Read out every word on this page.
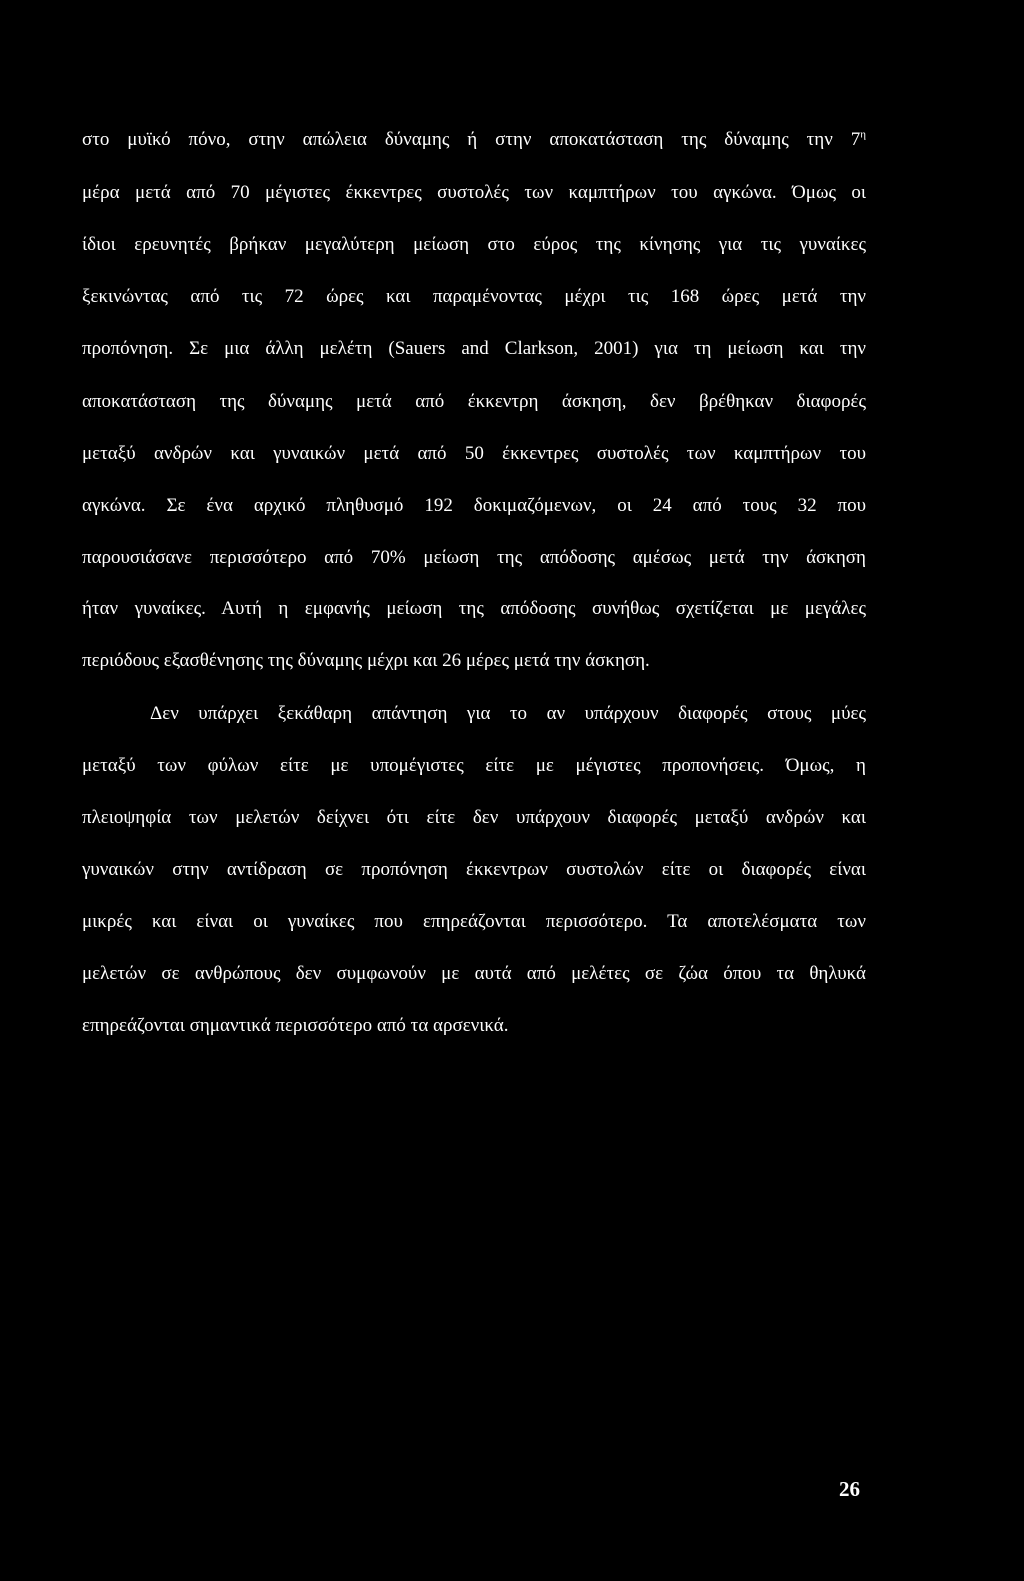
στο μυϊκό πόνο, στην απώλεια δύναμης ή στην αποκατάσταση της δύναμης την $7^\eta$
μέρα μετά από 70 μέγιστες έκκεντρες συστολές των καμπτήρων του αγκώνα. Όμως οι
ίδιοι ερευνητές βρήκαν μεγαλύτερη μείωση στο εύρος της κίνησης για τις γυναίκες
ξεκινώντας από τις 72 ώρες και παραμένοντας μέχρι τις 168 ώρες μετά την
προπόνηση. Σε μια άλλη μελέτη (Sauers and Clarkson, 2001) για τη μείωση και την
αποκατάσταση της δύναμης μετά από έκκεντρη άσκηση, δεν βρέθηκαν διαφορές
μεταξύ ανδρών και γυναικών μετά από 50 έκκεντρες συστολές των καμπτήρων του
αγκώνα. Σε ένα αρχικό πληθυσμό 192 δοκιμαζόμενων, οι 24 από τους 32 που
παρουσιάσανε περισσότερο από 70% μείωση της απόδοσης αμέσως μετά την άσκηση
ήταν γυναίκες. Αυτή η εμφανής μείωση της απόδοσης συνήθως σχετίζεται με μεγάλες
περιόδους εξασθένησης της δύναμης μέχρι και 26 μέρες μετά την άσκηση.
Δεν υπάρχει ξεκάθαρη απάντηση για το αν υπάρχουν διαφορές στους μύες
μεταξύ των φύλων είτε με υπομέγιστες είτε με μέγιστες προπονήσεις. Όμως, η
πλειοψηφία των μελετών δείχνει ότι είτε δεν υπάρχουν διαφορές μεταξύ ανδρών και
γυναικών στην αντίδραση σε προπόνηση έκκεντρων συστολών είτε οι διαφορές είναι
μικρές και είναι οι γυναίκες που επηρεάζονται περισσότερο. Τα αποτελέσματα των
μελετών σε ανθρώπους δεν συμφωνούν με αυτά από μελέτες σε ζώα όπου τα θηλυκά
επηρεάζονται σημαντικά περισσότερο από τα αρσενικά.
26
